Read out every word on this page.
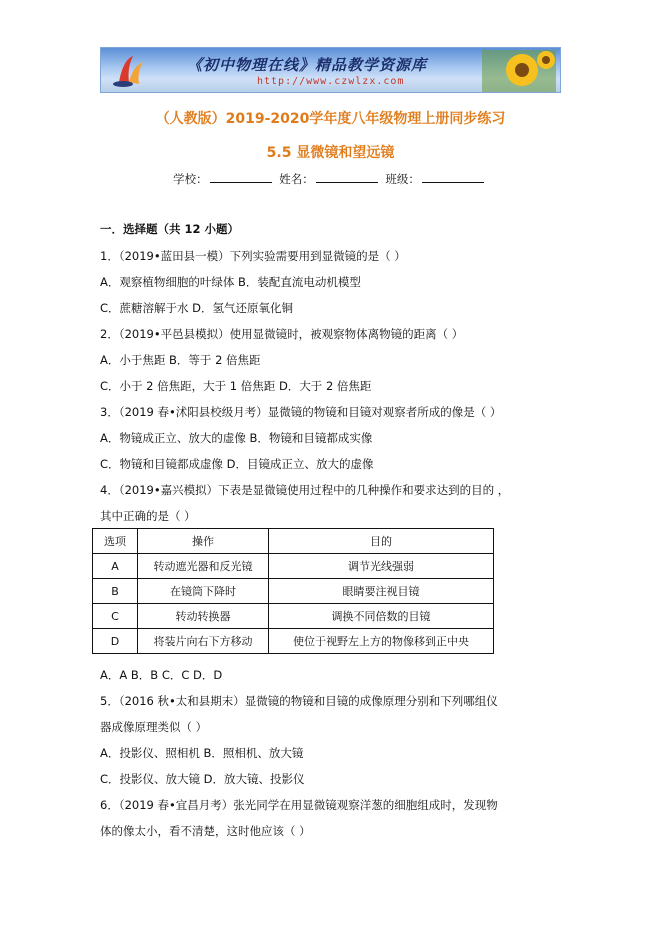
《初中物理在线》精品教学资源库
http://www.czwlzx.com
（人教版）2019-2020学年度八年级物理上册同步练习
5.5 显微镜和望远镜
学校：	姓名：	班级：
一．选择题（共 12 小题）
1．（2019•蓝田县一模）下列实验需要用到显微镜的是（ ）
A．观察植物细胞的叶绿体 B．装配直流电动机模型
C．蔗糖溶解于水 D．氢气还原氧化铜
2．（2019•平邑县模拟）使用显微镜时，被观察物体离物镜的距离（ ）
A．小于焦距 B．等于 2 倍焦距
C．小于 2 倍焦距，大于 1 倍焦距 D．大于 2 倍焦距
3．（2019 春•沭阳县校级月考）显微镜的物镜和目镜对观察者所成的像是（ ）
A．物镜成正立、放大的虚像 B．物镜和目镜都成实像
C．物镜和目镜都成虚像 D．目镜成正立、放大的虚像
4．（2019•嘉兴模拟）下表是显微镜使用过程中的几种操作和要求达到的目的 ，
其中正确的是（ ）
选项	操作	目的
A	转动遮光器和反光镜	调节光线强弱
B	在镜筒下降时	眼睛要注视目镜
C	转动转换器	调换不同倍数的目镜
D	将装片向右下方移动	使位于视野左上方的物像移到正中央
A．A B．B C．C D．D
5．（2016 秋•太和县期末）显微镜的物镜和目镜的成像原理分别和下列哪组仪
器成像原理类似（ ）
A．投影仪、照相机 B．照相机、放大镜
C．投影仪、放大镜 D．放大镜、投影仪
6．（2019 春•宜昌月考）张光同学在用显微镜观察洋葱的细胞组成时，发现物
体的像太小，看不清楚，这时他应该（ ）
